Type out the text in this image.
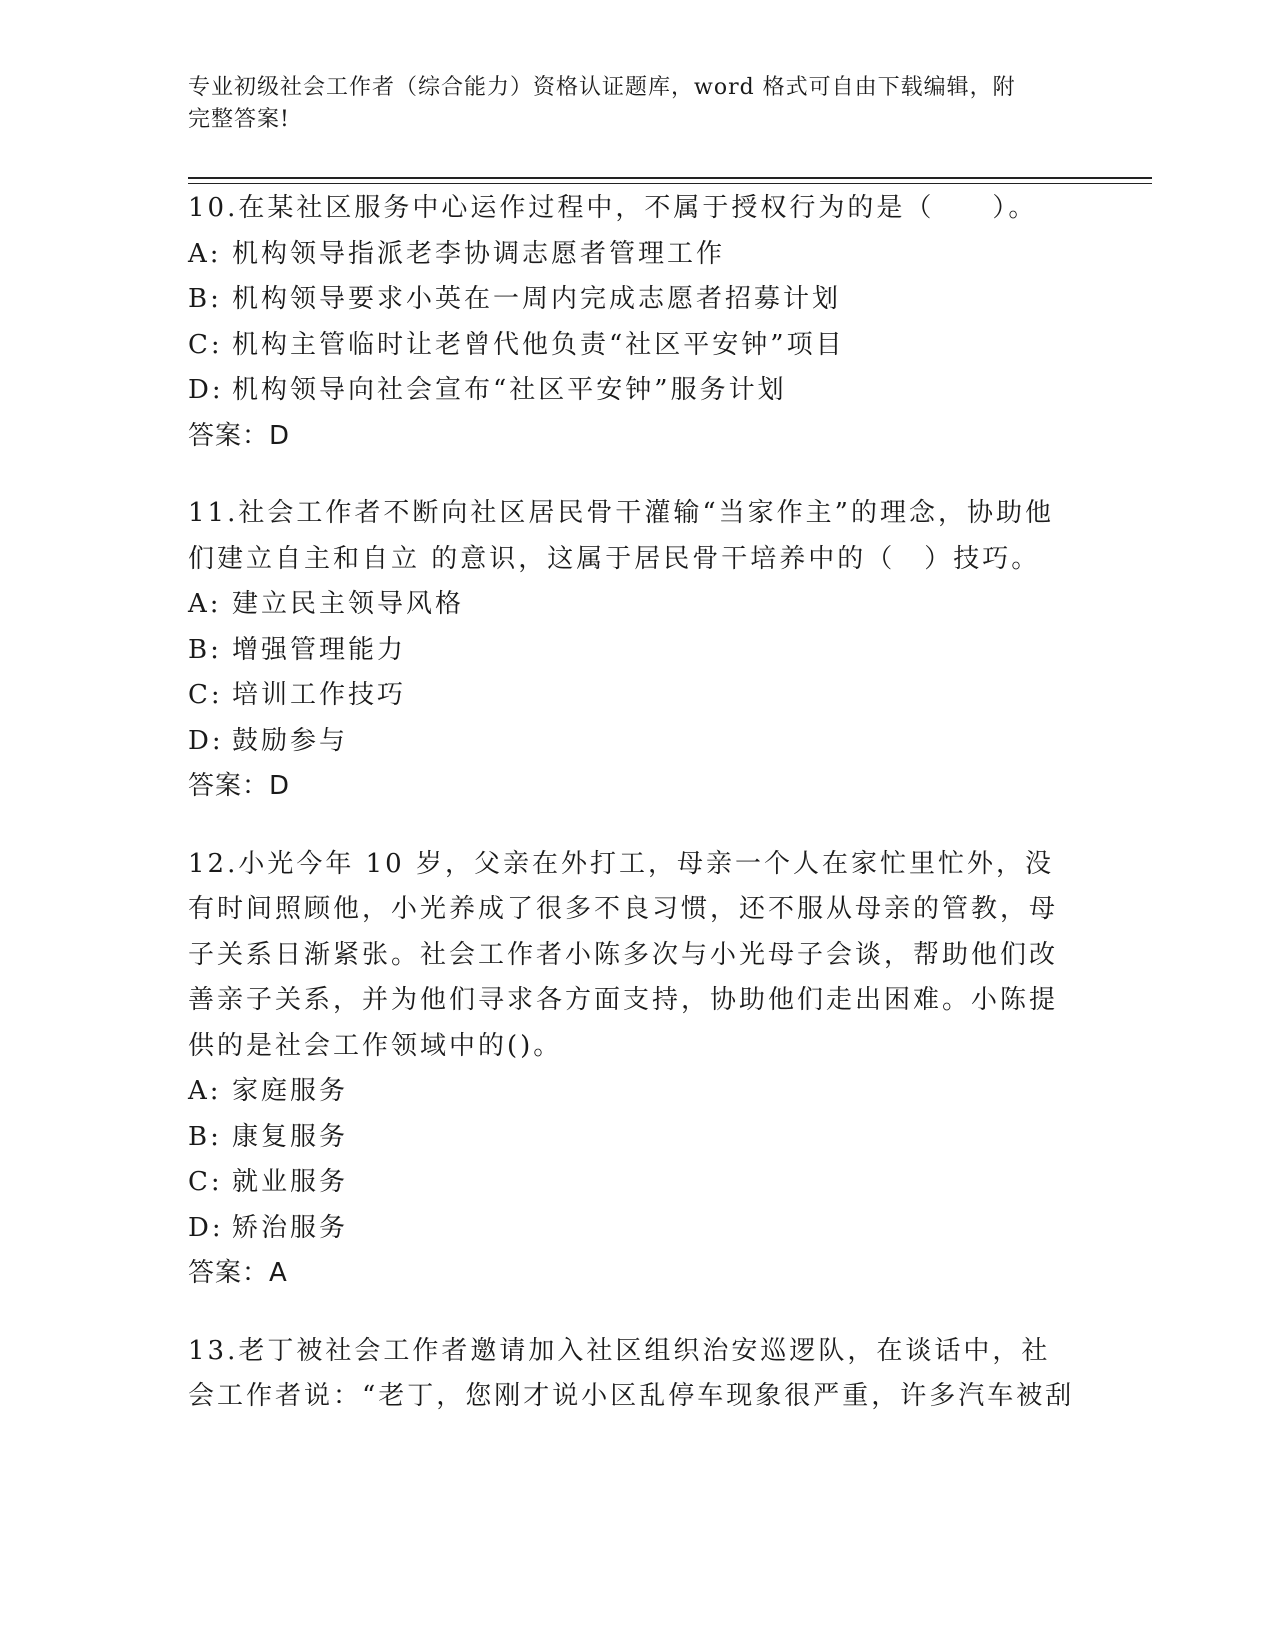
专业初级社会工作者（综合能力）资格认证题库，word 格式可自由下载编辑，附
完整答案!

10.在某社区服务中心运作过程中，不属于授权行为的是（　　）。

A: 机构领导指派老李协调志愿者管理工作

B: 机构领导要求小英在一周内完成志愿者招募计划

C: 机构主管临时让老曾代他负责“社区平安钟”项目

D: 机构领导向社会宣布“社区平安钟”服务计划

答案：D

11.社会工作者不断向社区居民骨干灌输“当家作主”的理念，协助他们建立自主和自立 的意识，这属于居民骨干培养中的（　）技巧。

A: 建立民主领导风格

B: 增强管理能力

C: 培训工作技巧

D: 鼓励参与

答案：D

12.小光今年 10 岁，父亲在外打工，母亲一个人在家忙里忙外，没有时间照顾他，小光养成了很多不良习惯，还不服从母亲的管教，母子关系日渐紧张。社会工作者小陈多次与小光母子会谈，帮助他们改善亲子关系，并为他们寻求各方面支持，协助他们走出困难。小陈提供的是社会工作领域中的()。

A: 家庭服务

B: 康复服务

C: 就业服务

D: 矫治服务

答案：A

13.老丁被社会工作者邀请加入社区组织治安巡逻队，在谈话中，社会工作者说：“老丁，您刚才说小区乱停车现象很严重，许多汽车被刮
